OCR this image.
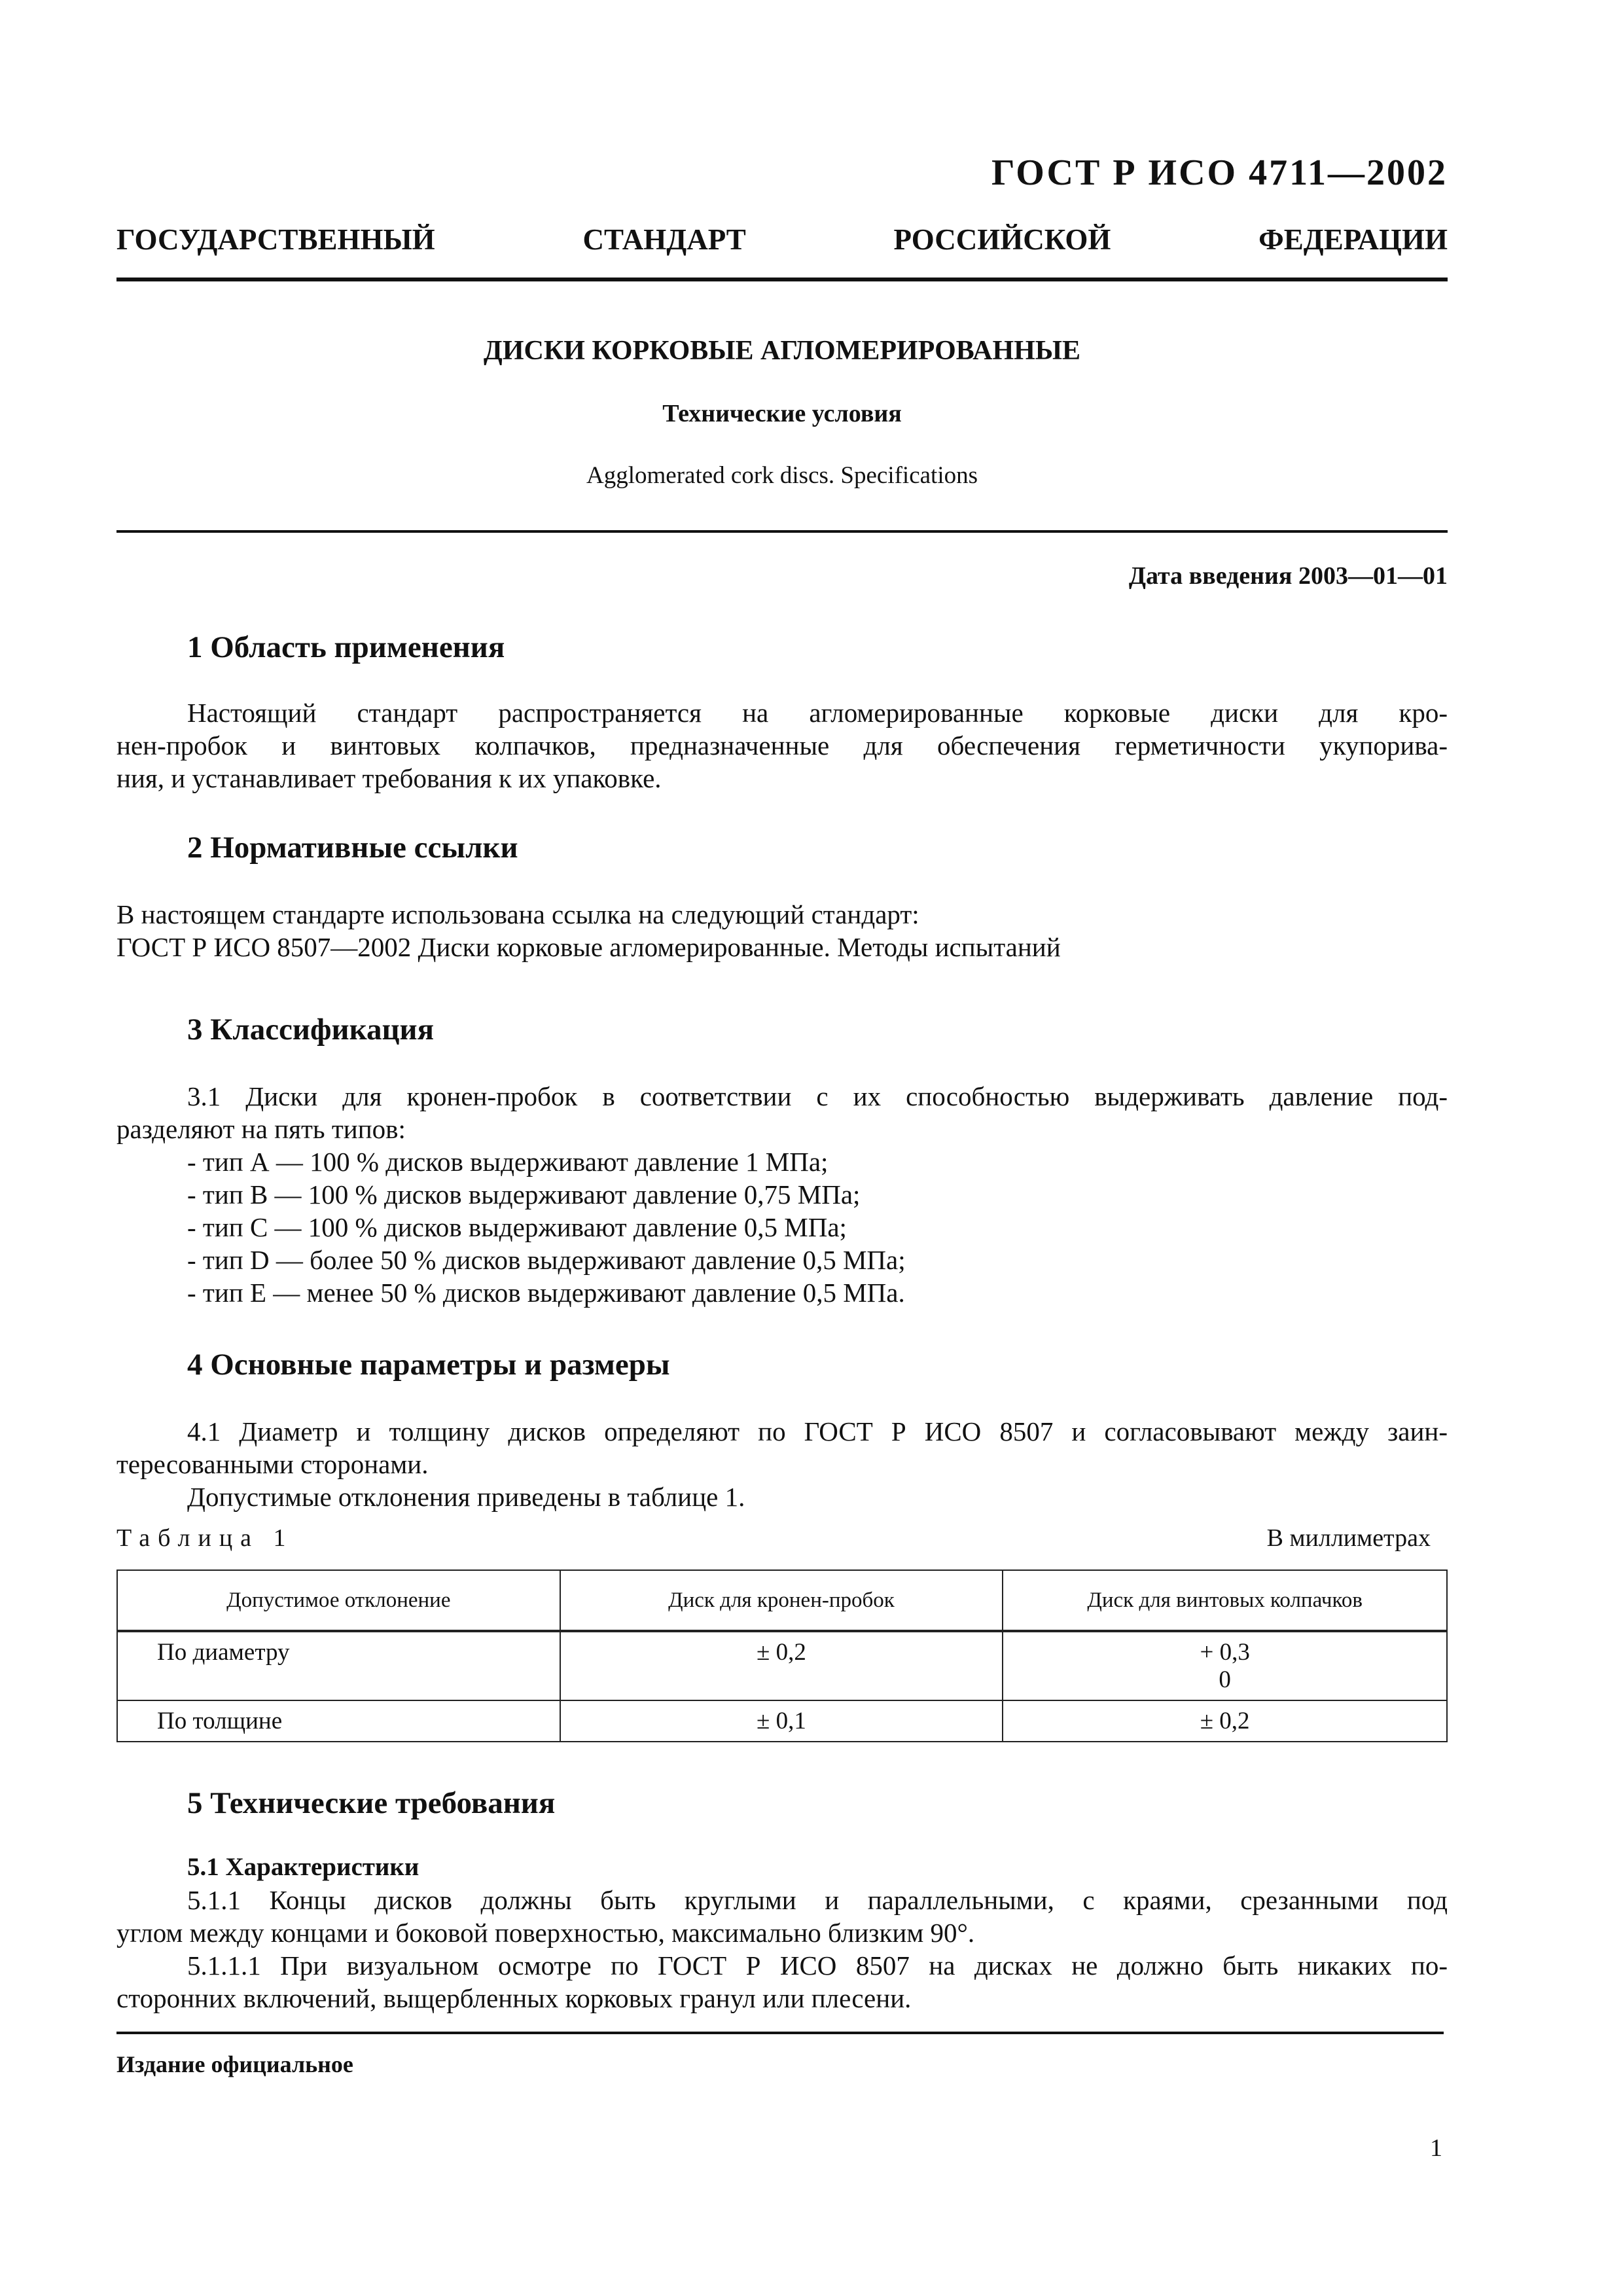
ГОСТ Р ИСО 4711—2002
ГОСУДАРСТВЕННЫЙ СТАНДАРТ РОССИЙСКОЙ ФЕДЕРАЦИИ
ДИСКИ КОРКОВЫЕ АГЛОМЕРИРОВАННЫЕ
Технические условия
Agglomerated cork discs. Specifications
Дата введения 2003—01—01
1 Область применения
Настоящий стандарт распространяется на агломерированные корковые диски для кро-
нен-пробок и винтовых колпачков, предназначенные для обеспечения герметичности укупорива-
ния, и устанавливает требования к их упаковке.
2 Нормативные ссылки
В настоящем стандарте использована ссылка на следующий стандарт:
ГОСТ Р ИСО 8507—2002 Диски корковые агломерированные. Методы испытаний
3 Классификация
3.1 Диски для кронен-пробок в соответствии с их способностью выдерживать давление под-
разделяют на пять типов:
- тип А — 100 % дисков выдерживают давление 1 МПа;
- тип В — 100 % дисков выдерживают давление 0,75 МПа;
- тип С — 100 % дисков выдерживают давление 0,5 МПа;
- тип D — более 50 % дисков выдерживают давление 0,5 МПа;
- тип Е — менее 50 % дисков выдерживают давление 0,5 МПа.
4 Основные параметры и размеры
4.1 Диаметр и толщину дисков определяют по ГОСТ Р ИСО 8507 и согласовывают между заин-
тересованными сторонами.
Допустимые отклонения приведены в таблице 1.
Таблица 1	В миллиметрах
Допустимое отклонение	Диск для кронен-пробок	Диск для винтовых колпачков
По диаметру	± 0,2	+ 0,3
0

По толщине	± 0,1	± 0,2
5 Технические требования
5.1 Характеристики
5.1.1 Концы дисков должны быть круглыми и параллельными, с краями, срезанными под
углом между концами и боковой поверхностью, максимально близким 90°.
5.1.1.1 При визуальном осмотре по ГОСТ Р ИСО 8507 на дисках не должно быть никаких по-
сторонних включений, выщербленных корковых гранул или плесени.
Издание официальное
1
